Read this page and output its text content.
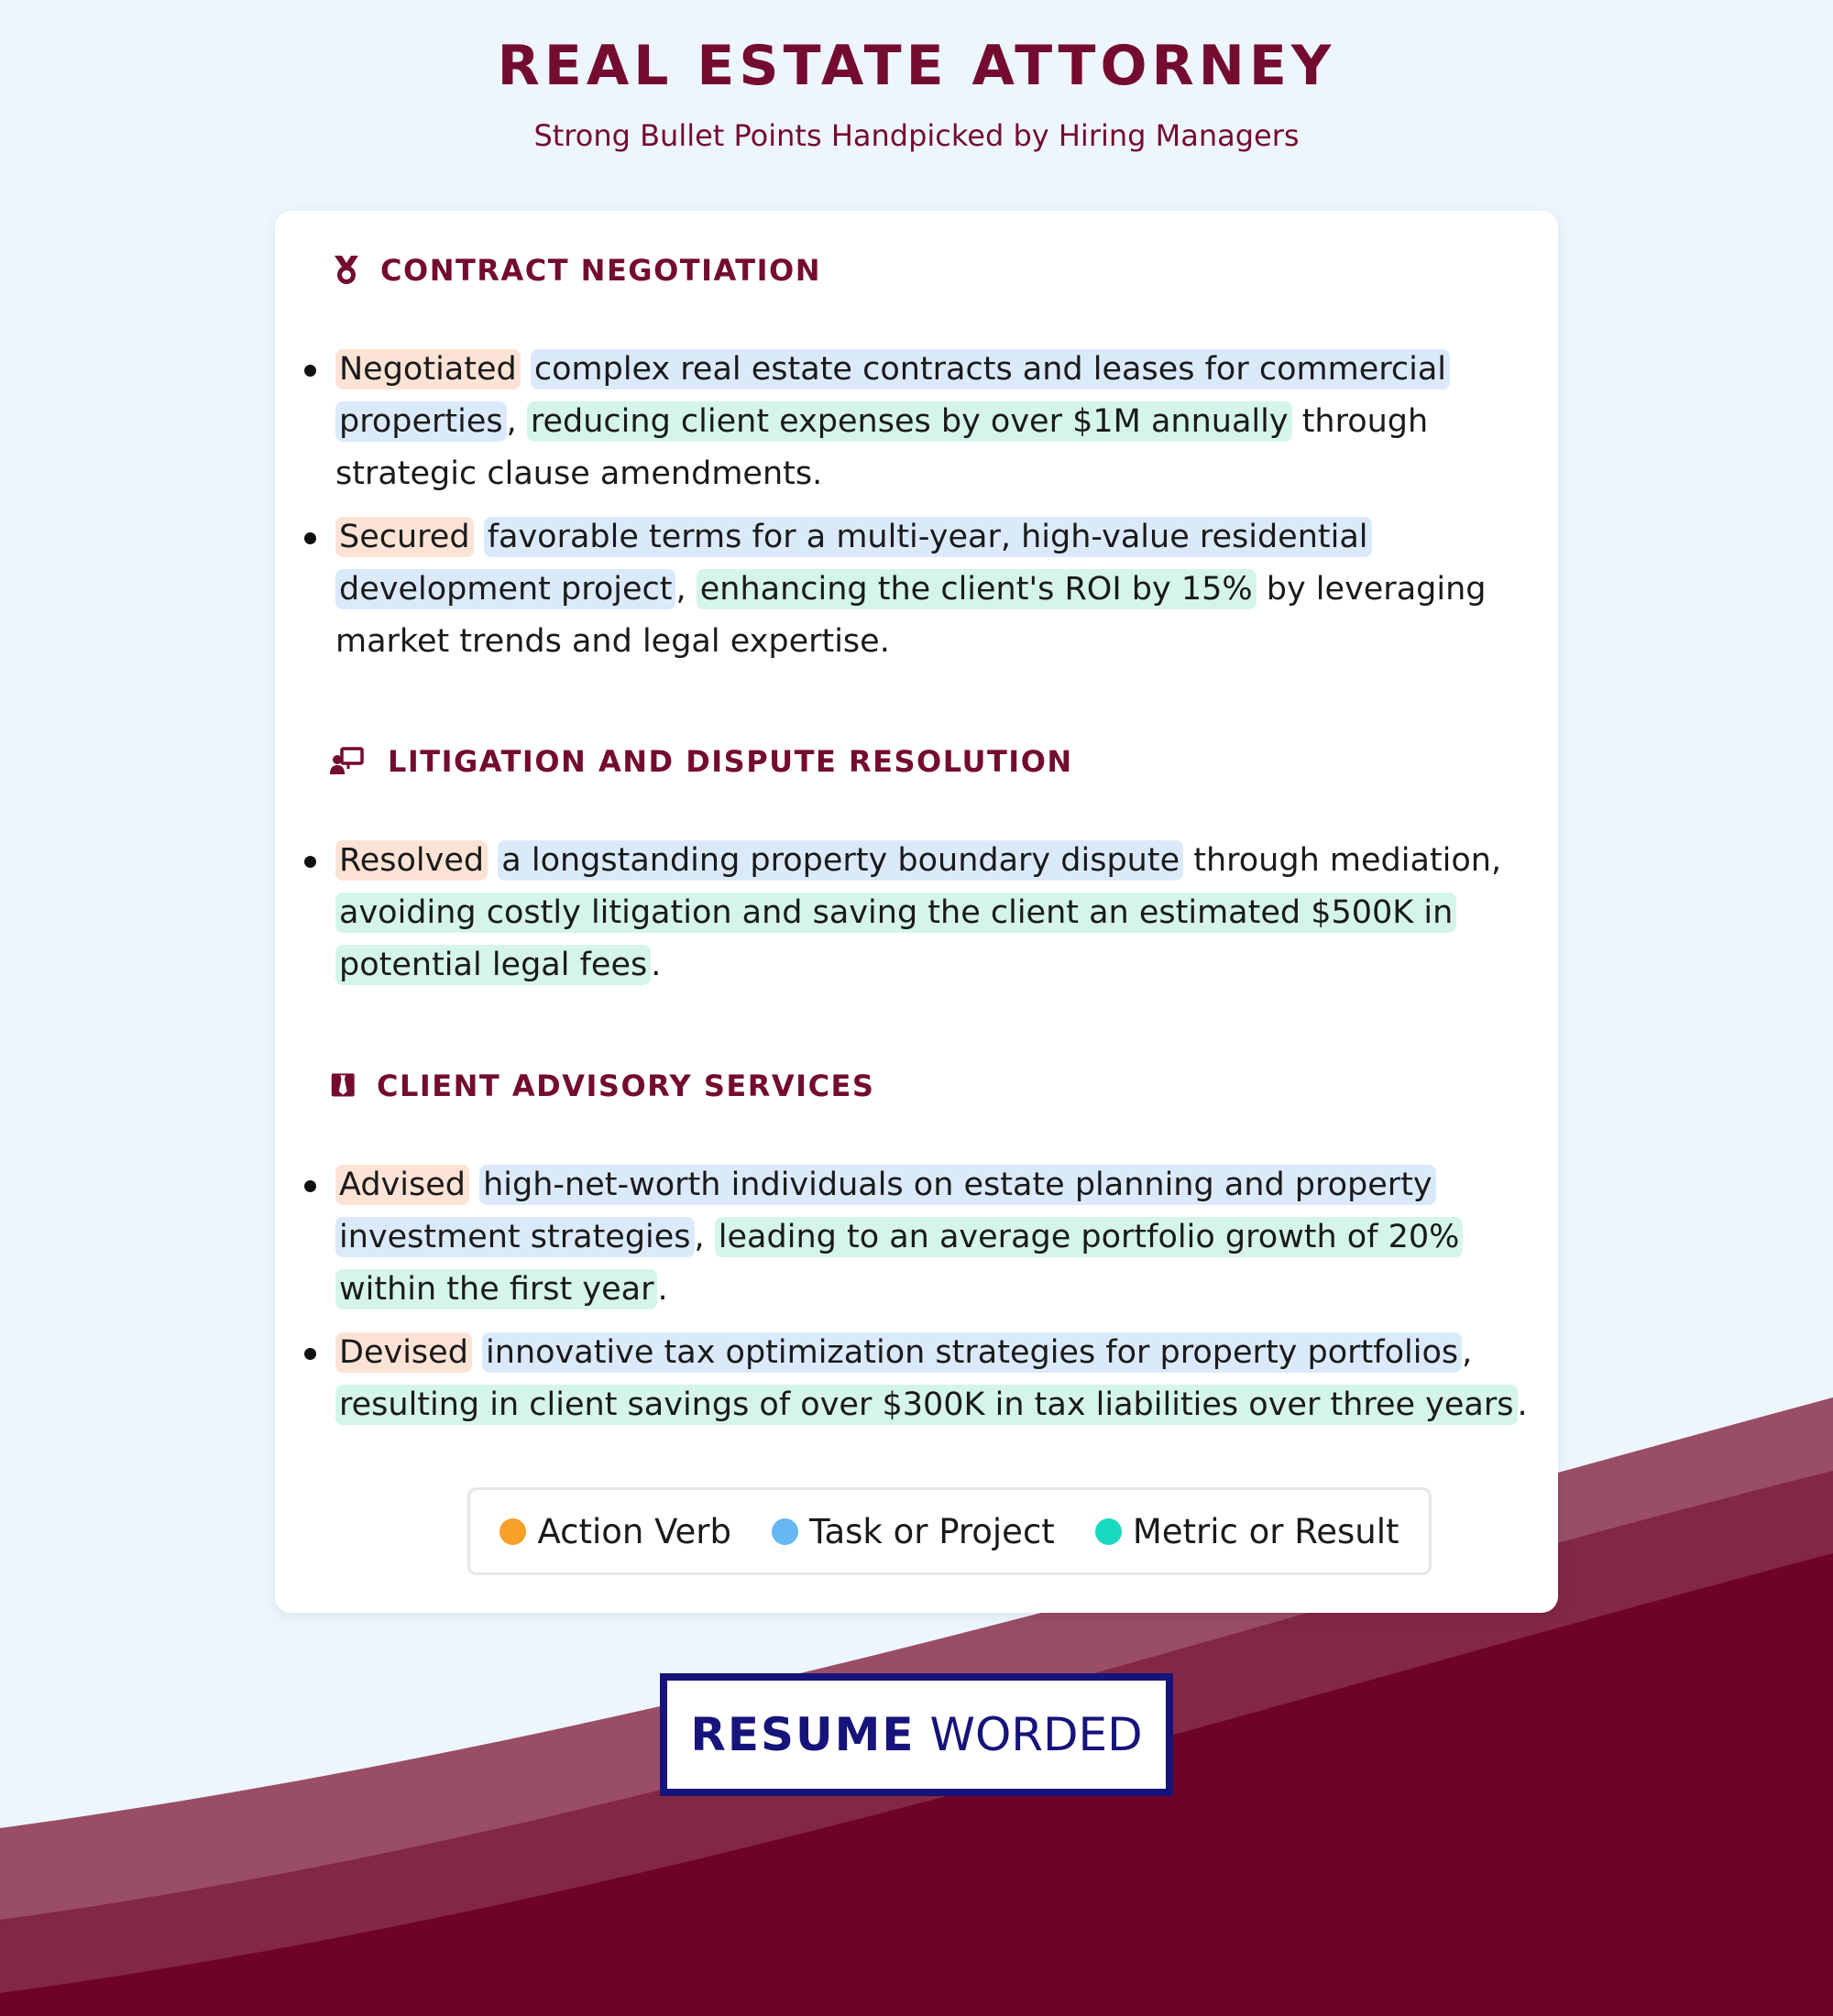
REAL ESTATE ATTORNEY
Strong Bullet Points Handpicked by Hiring Managers
CONTRACT NEGOTIATION
Negotiated complex real estate contracts and leases for commercial properties , reducing client expenses by over $1M annually through strategic clause amendments.
Secured favorable terms for a multi-year, high-value residential development project , enhancing the client's ROI by 15% by leveraging market trends and legal expertise.
LITIGATION AND DISPUTE RESOLUTION
Resolved a longstanding property boundary dispute through mediation, avoiding costly litigation and saving the client an estimated $500K in potential legal fees .
CLIENT ADVISORY SERVICES
Advised high-net-worth individuals on estate planning and property investment strategies , leading to an average portfolio growth of 20% within the first year .
Devised innovative tax optimization strategies for property portfolios , resulting in client savings of over $300K in tax liabilities over three years .
Action Verb Task or Project Metric or Result
RESUME WORDED
